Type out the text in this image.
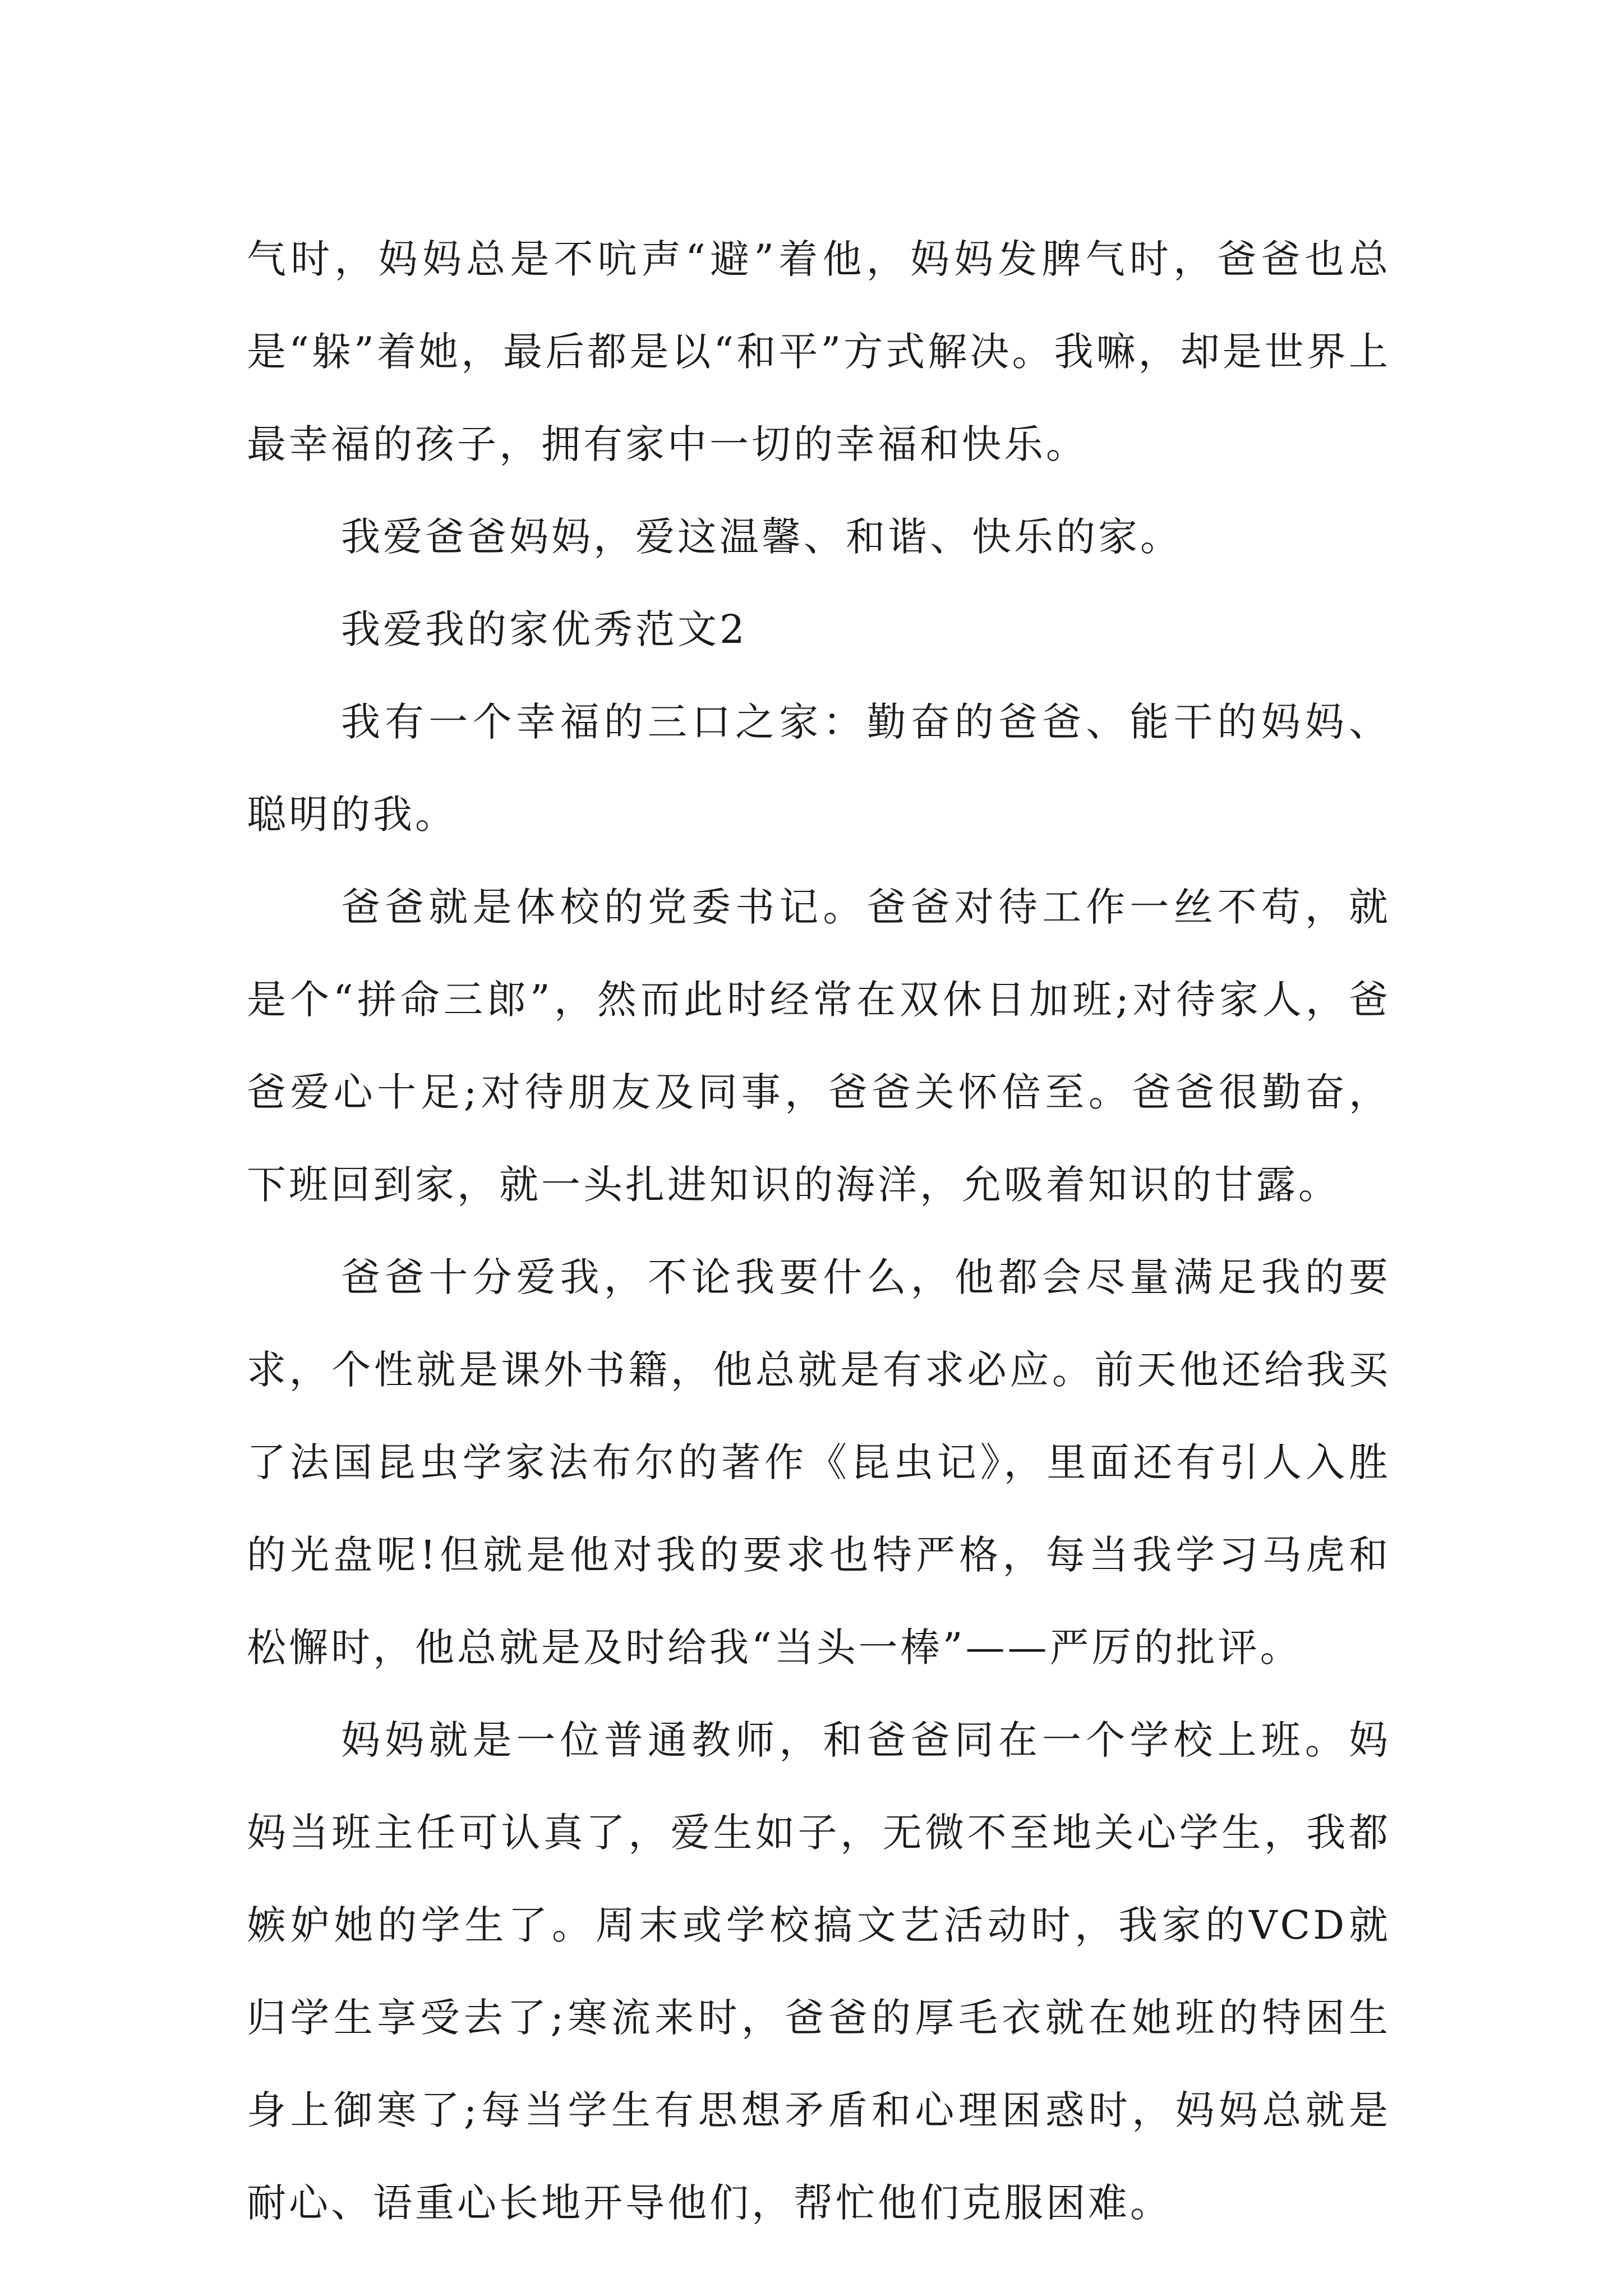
气时，妈妈总是不吭声“避”着他，妈妈发脾气时，爸爸也总是“躲”着她，最后都是以“和平”方式解决。我嘛，却是世界上最幸福的孩子，拥有家中一切的幸福和快乐。

我爱爸爸妈妈，爱这温馨、和谐、快乐的家。

我爱我的家优秀范文2

我有一个幸福的三口之家：勤奋的爸爸、能干的妈妈、聪明的我。

爸爸就是体校的党委书记。爸爸对待工作一丝不苟，就是个“拼命三郎”，然而此时经常在双休日加班;对待家人，爸爸爱心十足;对待朋友及同事，爸爸关怀倍至。爸爸很勤奋，下班回到家，就一头扎进知识的海洋，允吸着知识的甘露。

爸爸十分爱我，不论我要什么，他都会尽量满足我的要求，个性就是课外书籍，他总就是有求必应。前天他还给我买了法国昆虫学家法布尔的著作《昆虫记》，里面还有引人入胜的光盘呢!但就是他对我的要求也特严格，每当我学习马虎和松懈时，他总就是及时给我“当头一棒”——严厉的批评。

妈妈就是一位普通教师，和爸爸同在一个学校上班。妈妈当班主任可认真了，爱生如子，无微不至地关心学生，我都嫉妒她的学生了。周末或学校搞文艺活动时，我家的VCD就归学生享受去了;寒流来时，爸爸的厚毛衣就在她班的特困生身上御寒了;每当学生有思想矛盾和心理困惑时，妈妈总就是耐心、语重心长地开导他们，帮忙他们克服困难。
